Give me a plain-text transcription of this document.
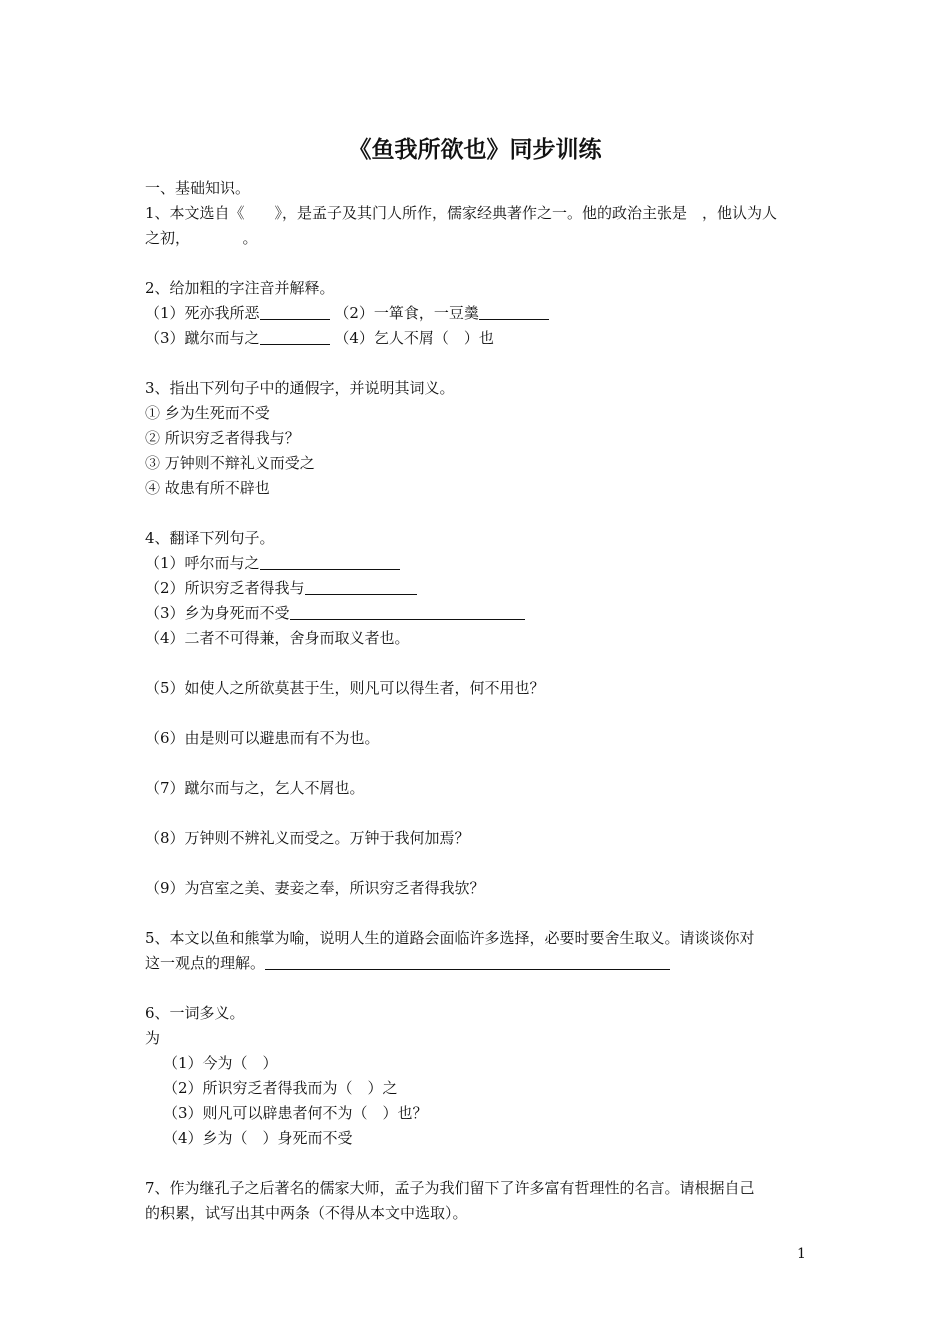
《鱼我所欲也》同步训练
一、基础知识。
1、本文选自《　　》，是孟子及其门人所作，儒家经典著作之一。他的政治主张是　，他认为人
之初，　　　　。
2、给加粗的字注音并解释。
（1）死亦我所恶	（2）一箪食，一豆羹
（3）蹴尔而与之	（4）乞人不屑（　）也
3、指出下列句子中的通假字，并说明其词义。
① 乡为生死而不受
② 所识穷乏者得我与？
③ 万钟则不辩礼义而受之
④ 故患有所不辟也
4、翻译下列句子。
（1）呼尔而与之
（2）所识穷乏者得我与
（3）乡为身死而不受
（4）二者不可得兼，舍身而取义者也。
（5）如使人之所欲莫甚于生，则凡可以得生者，何不用也？
（6）由是则可以避患而有不为也。
（7）蹴尔而与之，乞人不屑也。
（8）万钟则不辨礼义而受之。万钟于我何加焉？
（9）为宫室之美、妻妾之奉，所识穷乏者得我欤？
5、本文以鱼和熊掌为喻，说明人生的道路会面临许多选择，必要时要舍生取义。请谈谈你对
这一观点的理解。
6、一词多义。
为
（1）今为（　）
（2）所识穷乏者得我而为（　）之
（3）则凡可以辟患者何不为（　）也？
（4）乡为（　）身死而不受
7、作为继孔子之后著名的儒家大师，孟子为我们留下了许多富有哲理性的名言。请根据自己
的积累，试写出其中两条（不得从本文中选取）。
1
